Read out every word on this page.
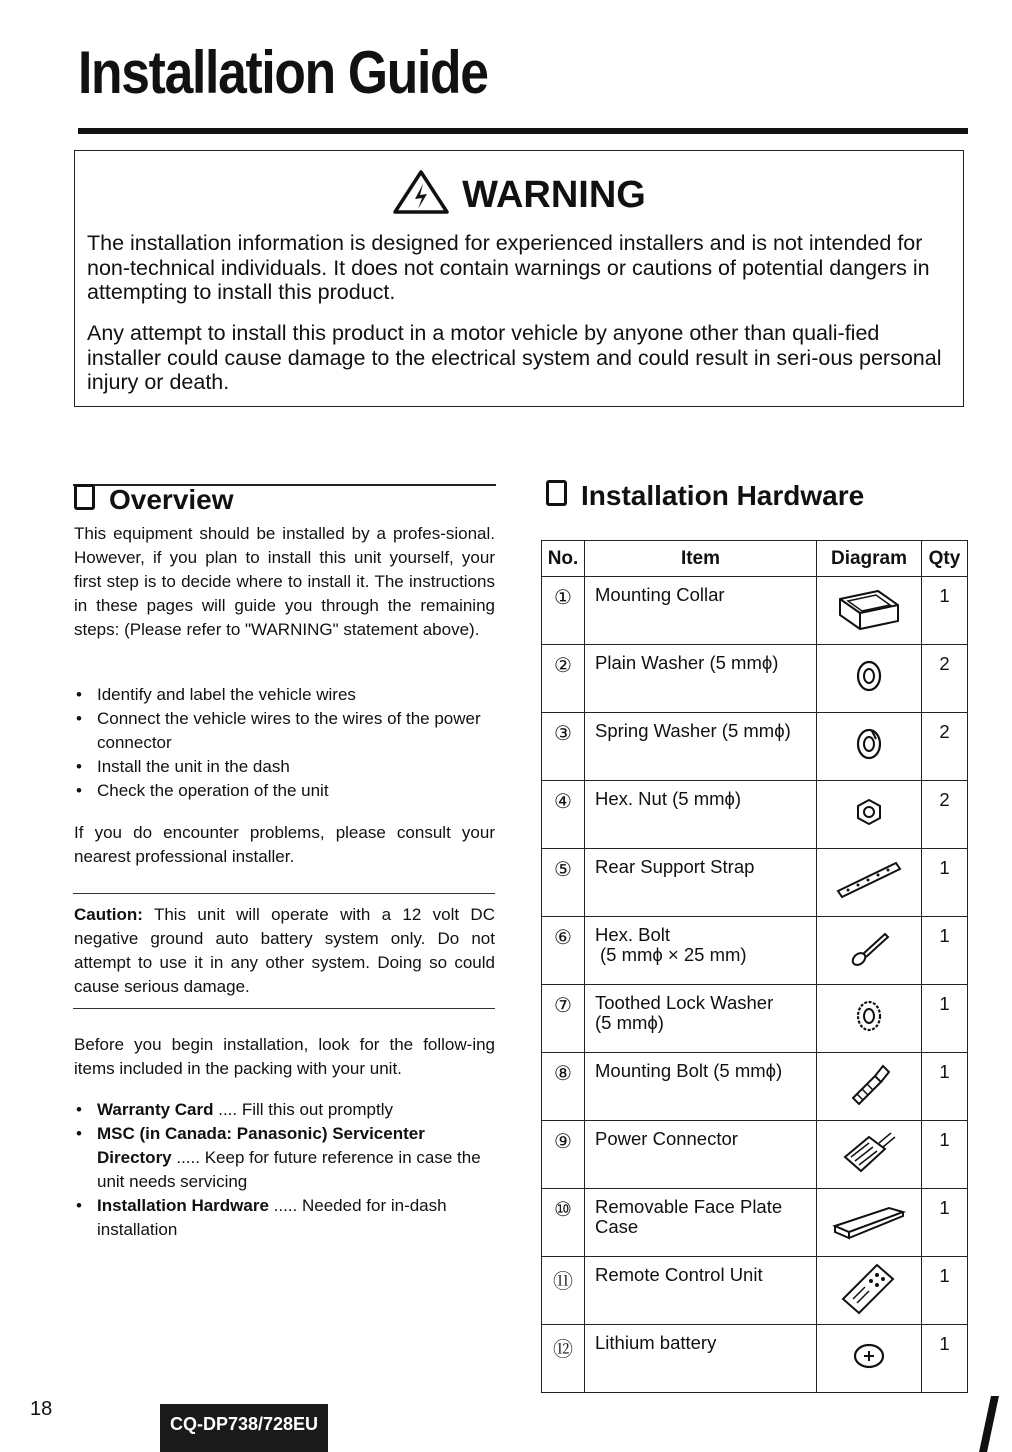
Installation Guide
WARNING
The installation information is designed for experienced installers and is not intended for non-technical individuals. It does not contain warnings or cautions of potential dangers in attempting to install this product.
Any attempt to install this product in a motor vehicle by anyone other than quali-fied installer could cause damage to the electrical system and could result in seri-ous personal injury or death.
Overview

This equipment should be installed by a profes-sional. However, if you plan to install this unit yourself, your first step is to decide where to install it. The instructions in these pages will guide you through the remaining steps: (Please refer to "WARNING" statement above).

• Identify and label the vehicle wires
• Connect the vehicle wires to the wires of the power connector
• Install the unit in the dash
• Check the operation of the unit

If you do encounter problems, please consult your nearest professional installer.

Caution: This unit will operate with a 12 volt DC negative ground auto battery system only. Do not attempt to use it in any other system. Doing so could cause serious damage.

Before you begin installation, look for the follow-ing items included in the packing with your unit.

• Warranty Card .... Fill this out promptly
• MSC (in Canada: Panasonic) Servicenter Directory ..... Keep for future reference in case the unit needs servicing
• Installation Hardware ..... Needed for in-dash installation
Installation Hardware
No.	Item	Diagram	Qty
①	Mounting Collar		1
②	Plain Washer (5 mmϕ)		2
③	Spring Washer (5 mmϕ)		2
④	Hex. Nut (5 mmϕ)		2
⑤	Rear Support Strap		1
⑥	Hex. Bolt
(5 mmϕ × 25 mm)		1
⑦	Toothed Lock Washer
(5 mmϕ)		1
⑧	Mounting Bolt (5 mmϕ)		1
⑨	Power Connector		1
⑩	Removable Face Plate
Case		1
⑪	Remote Control Unit		1
⑫	Lithium battery		1
18
CQ-DP738/728EU
